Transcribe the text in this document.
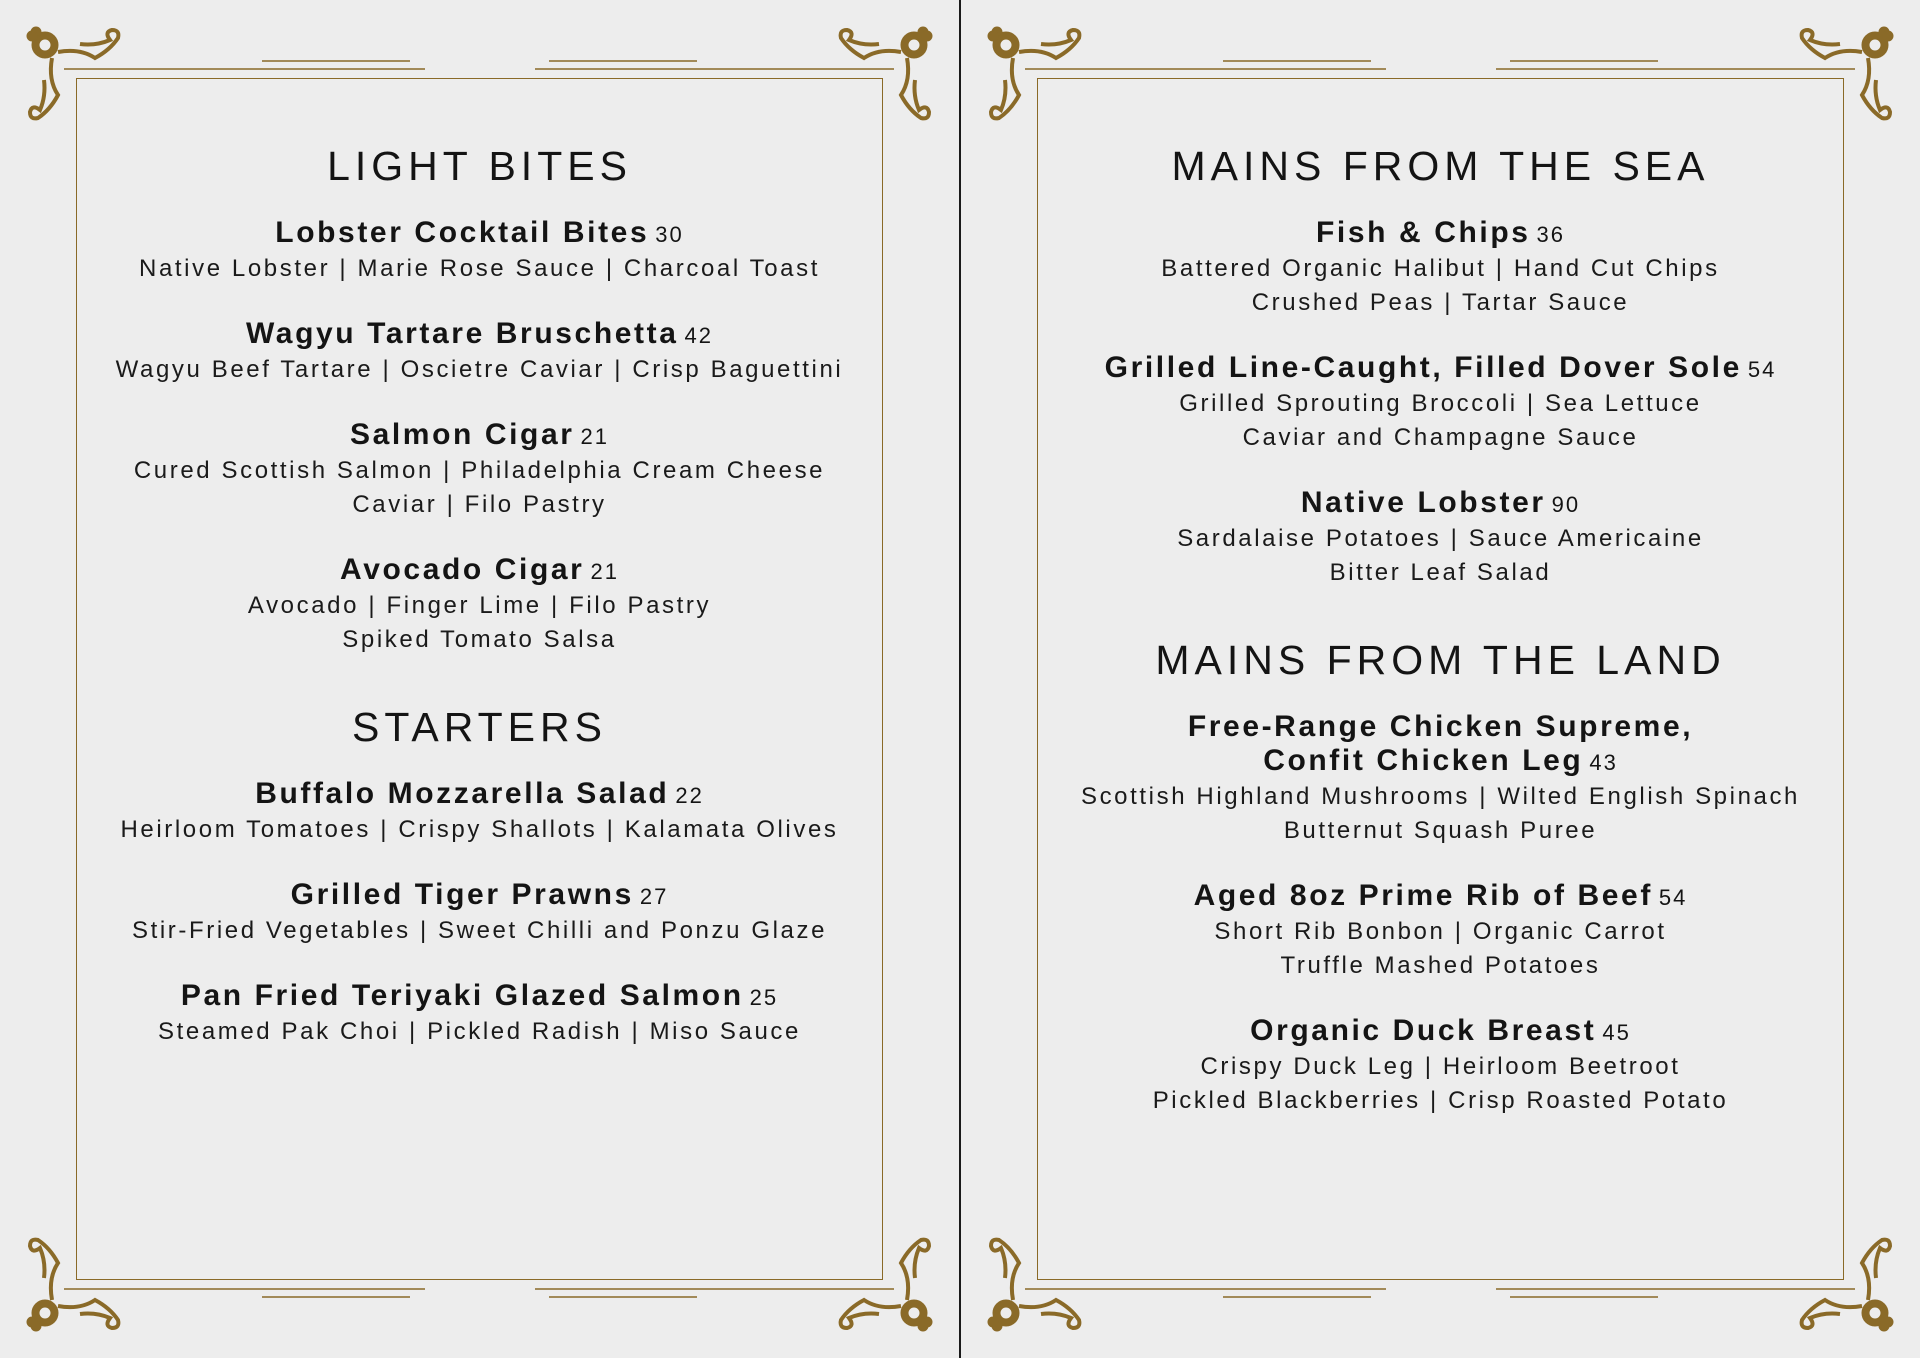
LIGHT BITES
Lobster Cocktail Bites 30
Native Lobster | Marie Rose Sauce | Charcoal Toast
Wagyu Tartare Bruschetta 42
Wagyu Beef Tartare | Oscietre Caviar | Crisp Baguettini
Salmon Cigar 21
Cured Scottish Salmon | Philadelphia Cream Cheese
Caviar | Filo Pastry
Avocado Cigar 21
Avocado | Finger Lime | Filo Pastry
Spiked Tomato Salsa
STARTERS
Buffalo Mozzarella Salad 22
Heirloom Tomatoes | Crispy Shallots | Kalamata Olives
Grilled Tiger Prawns 27
Stir-Fried Vegetables | Sweet Chilli and Ponzu Glaze
Pan Fried Teriyaki Glazed Salmon 25
Steamed Pak Choi | Pickled Radish | Miso Sauce
MAINS FROM THE SEA
Fish & Chips 36
Battered Organic Halibut | Hand Cut Chips
Crushed Peas | Tartar Sauce
Grilled Line-Caught, Filled Dover Sole 54
Grilled Sprouting Broccoli | Sea Lettuce
Caviar and Champagne Sauce
Native Lobster 90
Sardalaise Potatoes | Sauce Americaine
Bitter Leaf Salad
MAINS FROM THE LAND
Free-Range Chicken Supreme,
Confit Chicken Leg 43
Scottish Highland Mushrooms | Wilted English Spinach
Butternut Squash Puree
Aged 8oz Prime Rib of Beef 54
Short Rib Bonbon | Organic Carrot
Truffle Mashed Potatoes
Organic Duck Breast 45
Crispy Duck Leg | Heirloom Beetroot
Pickled Blackberries | Crisp Roasted Potato
